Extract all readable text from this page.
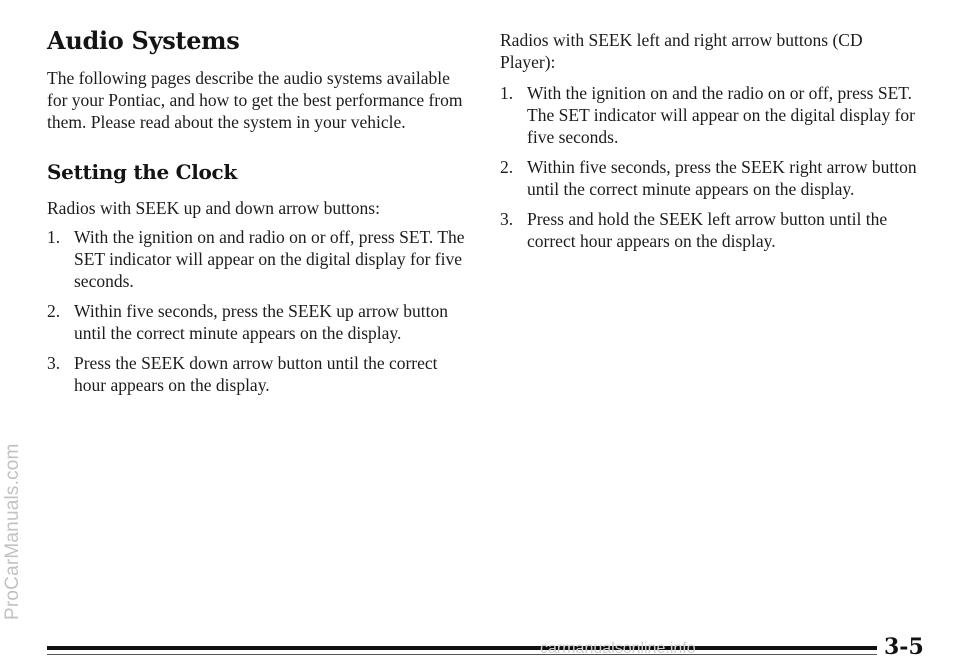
ProCarManuals.com
Audio Systems

The following pages describe the audio systems available for your Pontiac, and how to get the best performance from them. Please read about the system in your vehicle.

Setting the Clock

Radios with SEEK up and down arrow buttons:

1. With the ignition on and radio on or off, press SET. The SET indicator will appear on the digital display for five seconds.
2. Within five seconds, press the SEEK up arrow button until the correct minute appears on the display.
3. Press the SEEK down arrow button until the correct hour appears on the display.

Radios with SEEK left and right arrow buttons (CD Player):

1. With the ignition on and the radio on or off, press SET. The SET indicator will appear on the digital display for five seconds.
2. Within five seconds, press the SEEK right arrow button until the correct minute appears on the display.
3. Press and hold the SEEK left arrow button until the correct hour appears on the display.
carmanualsonline.info	3-5
